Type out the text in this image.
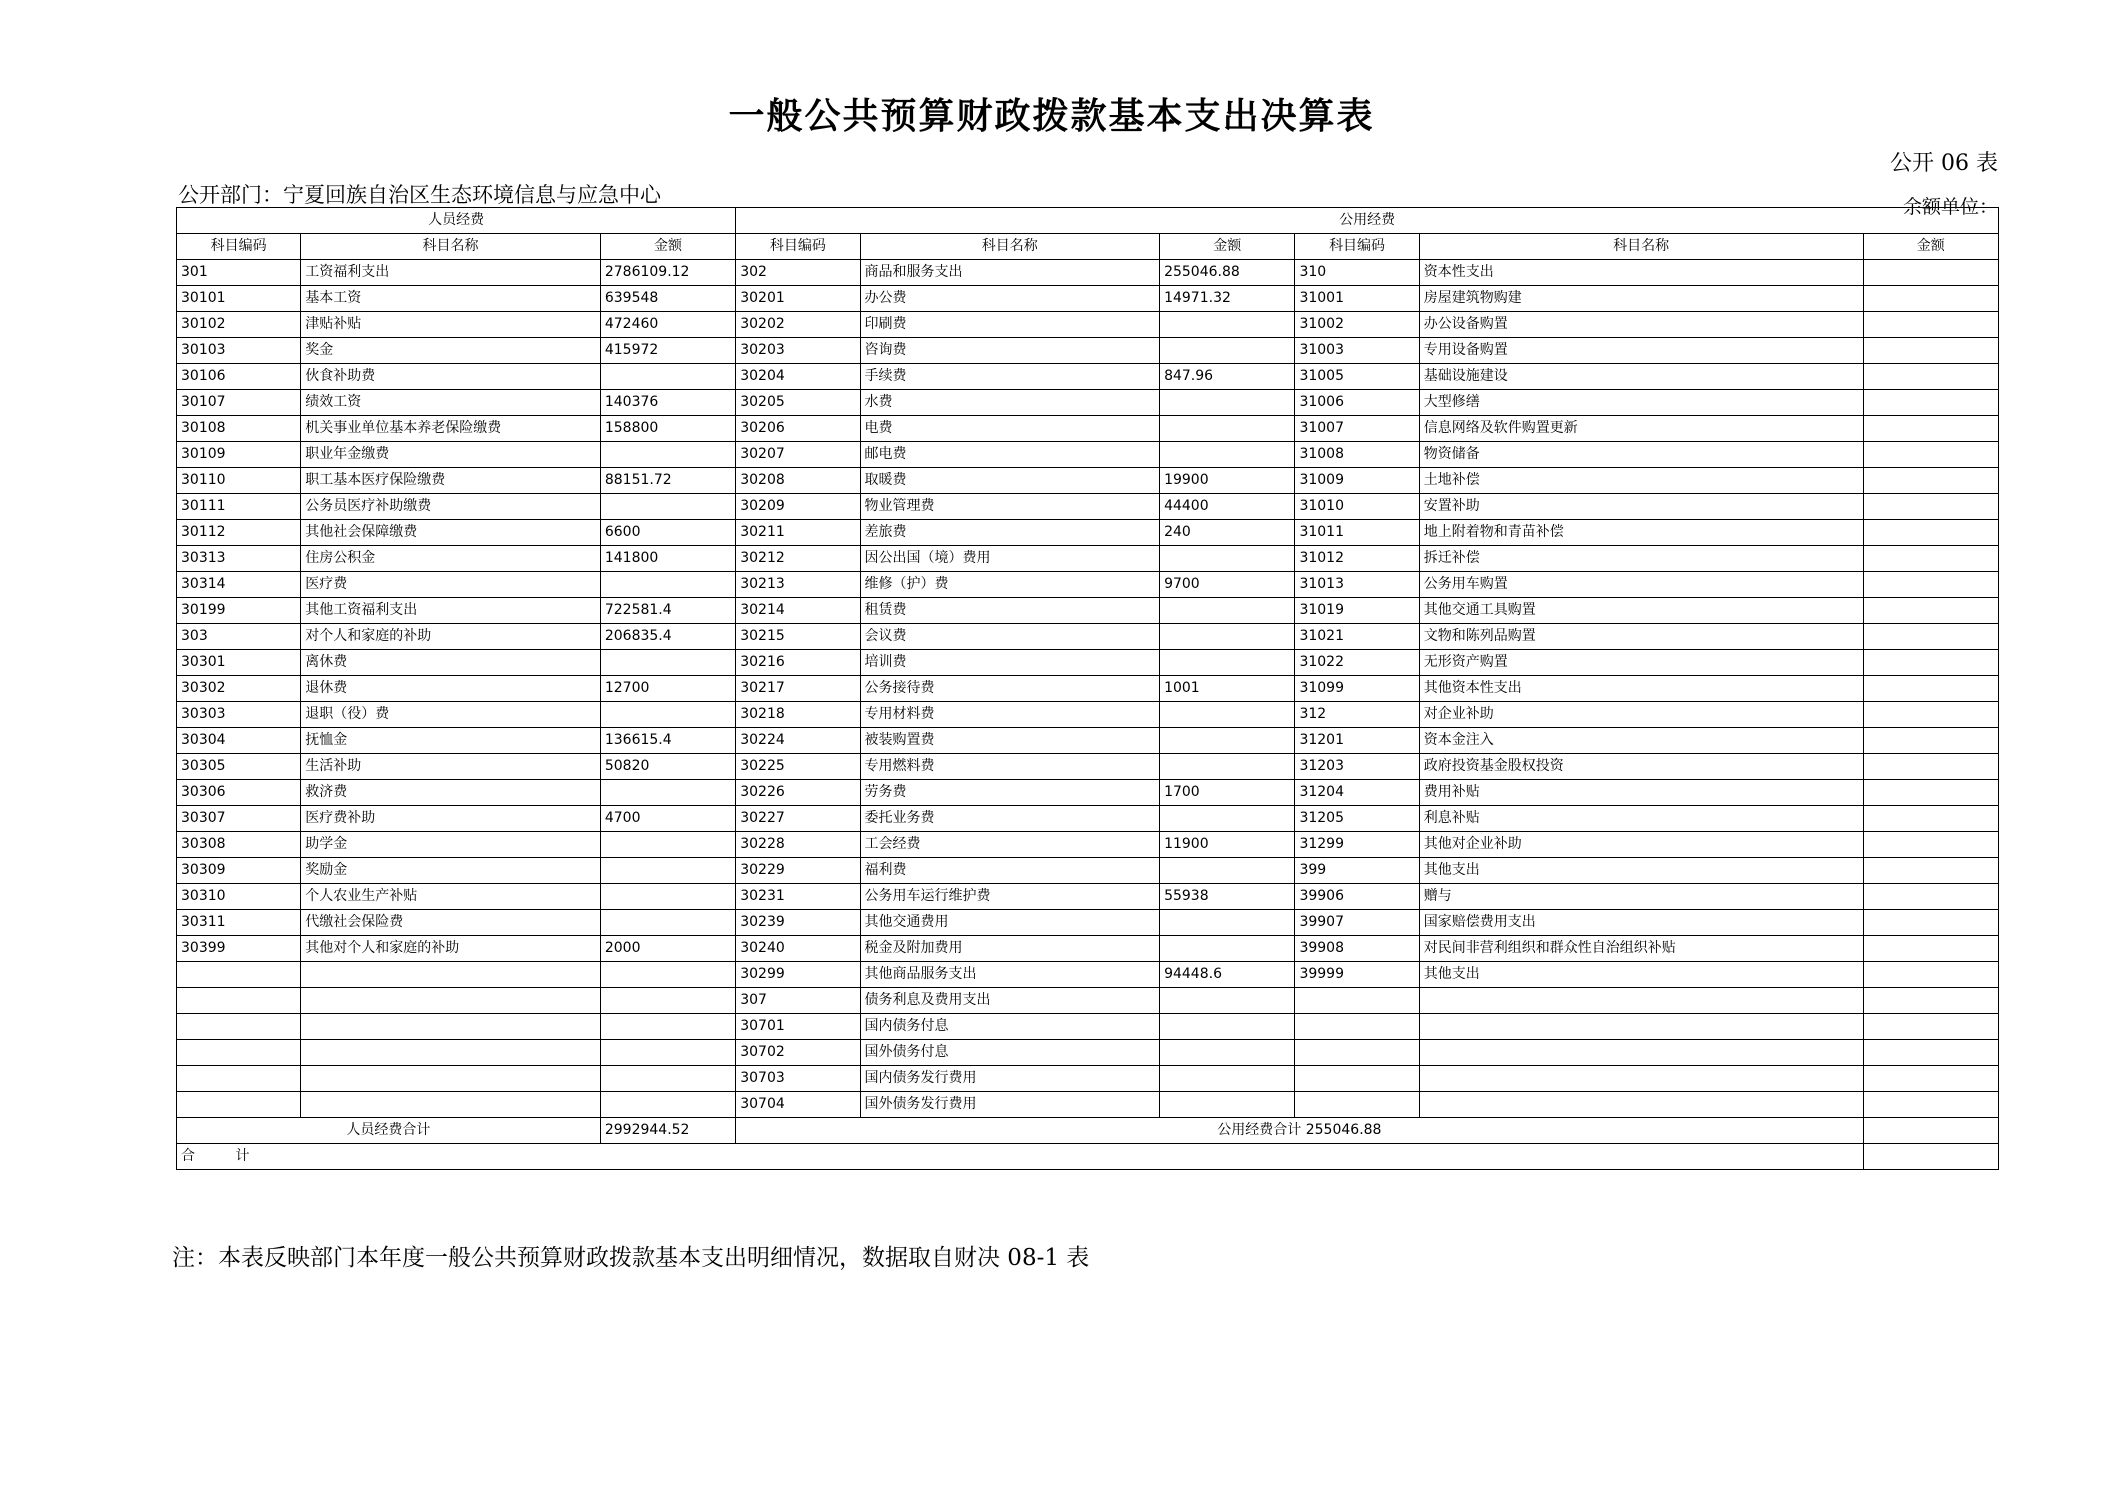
一般公共预算财政拨款基本支出决算表
公开 06 表
公开部门：宁夏回族自治区生态环境信息与应急中心	余额单位：
人员经费			公用经费					
科目编码	科目名称	金额	科目编码	科目名称	金额	科目编码	科目名称	金额
301	工资福利支出	2786109.12	302	商品和服务支出	255046.88	310	资本性支出	
30101	基本工资	639548	30201	办公费	14971.32	31001	房屋建筑物购建	
30102	津贴补贴	472460	30202	印刷费		31002	办公设备购置	
30103	奖金	415972	30203	咨询费		31003	专用设备购置	
30106	伙食补助费		30204	手续费	847.96	31005	基础设施建设	
30107	绩效工资	140376	30205	水费		31006	大型修缮	
30108	机关事业单位基本养老保险缴费	158800	30206	电费		31007	信息网络及软件购置更新	
30109	职业年金缴费		30207	邮电费		31008	物资储备	
30110	职工基本医疗保险缴费	88151.72	30208	取暖费	19900	31009	土地补偿	
30111	公务员医疗补助缴费		30209	物业管理费	44400	31010	安置补助	
30112	其他社会保障缴费	6600	30211	差旅费	240	31011	地上附着物和青苗补偿	
30313	住房公积金	141800	30212	因公出国（境）费用		31012	拆迁补偿	
30314	医疗费		30213	维修（护）费	9700	31013	公务用车购置	
30199	其他工资福利支出	722581.4	30214	租赁费		31019	其他交通工具购置	
303	对个人和家庭的补助	206835.4	30215	会议费		31021	文物和陈列品购置	
30301	离休费		30216	培训费		31022	无形资产购置	
30302	退休费	12700	30217	公务接待费	1001	31099	其他资本性支出	
30303	退职（役）费		30218	专用材料费		312	对企业补助	
30304	抚恤金	136615.4	30224	被装购置费		31201	资本金注入	
30305	生活补助	50820	30225	专用燃料费		31203	政府投资基金股权投资	
30306	救济费		30226	劳务费	1700	31204	费用补贴	
30307	医疗费补助	4700	30227	委托业务费		31205	利息补贴	
30308	助学金		30228	工会经费	11900	31299	其他对企业补助	
30309	奖励金		30229	福利费		399	其他支出	
30310	个人农业生产补贴		30231	公务用车运行维护费	55938	39906	赠与	
30311	代缴社会保险费		30239	其他交通费用		39907	国家赔偿费用支出	
30399	其他对个人和家庭的补助	2000	30240	税金及附加费用		39908	对民间非营利组织和群众性自治组织补贴	
			30299	其他商品服务支出	94448.6	39999	其他支出	
			307	债务利息及费用支出				
			30701	国内债务付息				
			30702	国外债务付息				
			30703	国内债务发行费用				
			30704	国外债务发行费用				
人员经费合计		2992944.52	公用经费合计 255046.88					
合 计								
注：本表反映部门本年度一般公共预算财政拨款基本支出明细情况，数据取自财决 08-1 表
